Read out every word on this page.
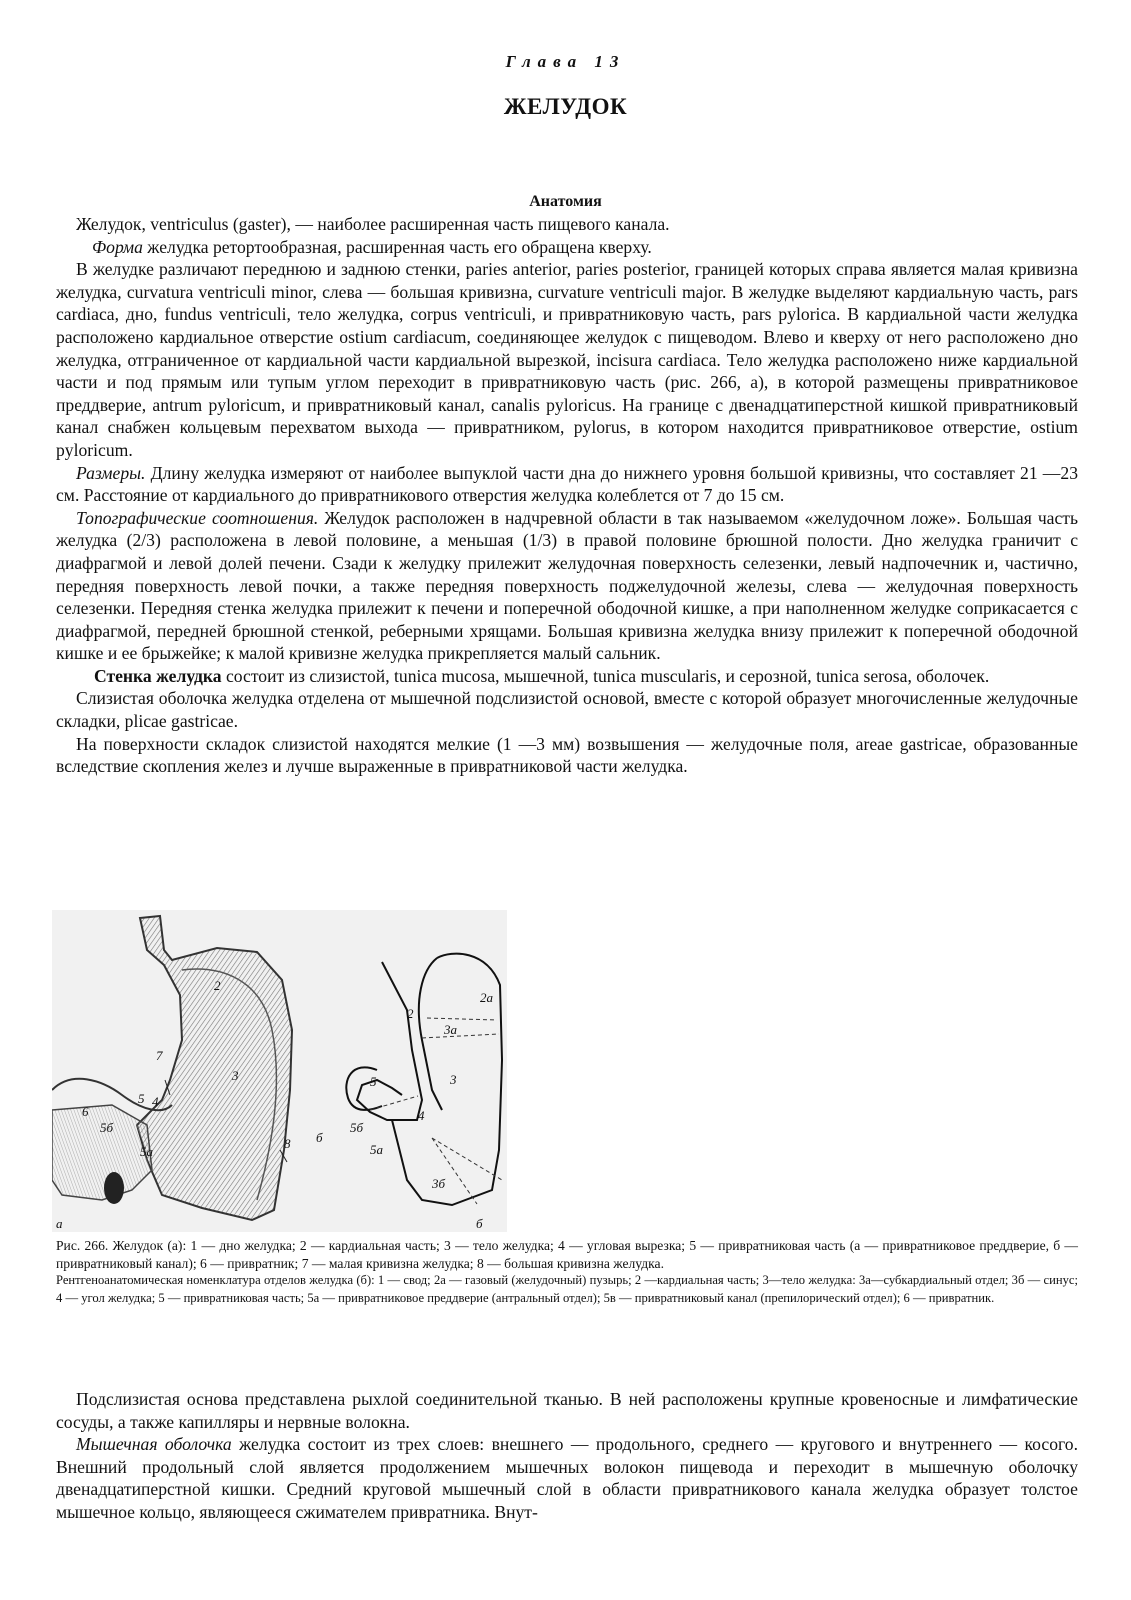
Глава 13
ЖЕЛУДОК
Анатомия

Желудок, ventriculus (gaster), — наиболее расширенная часть пищевого канала.

Форма желудка ретортообразная, расширенная часть его обращена кверху.

В желудке различают переднюю и заднюю стенки, paries anterior, paries posterior, границей которых справа является малая кривизна желудка, curvatura ventriculi minor, слева — большая кривизна, curvature ventriculi major. В желудке выделяют кардиальную часть, pars cardiaca, дно, fundus ventriculi, тело желудка, corpus ventriculi, и привратниковую часть, pars pylorica. В кардиальной части желудка расположено кардиальное отверстие ostium cardiacum, соединяющее желудок с пищеводом. Влево и кверху от него расположено дно желудка, отграниченное от кардиальной части кардиальной вырезкой, incisura cardiaca. Тело желудка расположено ниже кардиальной части и под прямым или тупым углом переходит в привратниковую часть (рис. 266, а), в которой размещены привратниковое преддверие, antrum pyloricum, и привратниковый канал, canalis pyloricus. На границе с двенадцатиперстной кишкой привратниковый канал снабжен кольцевым перехватом выхода — привратником, pylorus, в котором находится привратниковое отверстие, ostium pyloricum.

Размеры. Длину желудка измеряют от наиболее выпуклой части дна до нижнего уровня большой кривизны, что составляет 21 —23 см. Расстояние от кардиального до привратникового отверстия желудка колеблется от 7 до 15 см.

Топографические соотношения. Желудок расположен в надчревной области в так называемом «желудочном ложе». Большая часть желудка (2/3) расположена в левой половине, а меньшая (1/3) в правой половине брюшной полости. Дно желудка граничит с диафрагмой и левой долей печени. Сзади к желудку прилежит желудочная поверхность селезенки, левый надпочечник и, частично, передняя поверхность левой почки, а также передняя поверхность поджелудочной железы, слева — желудочная поверхность селезенки. Передняя стенка желудка прилежит к печени и поперечной ободочной кишке, а при наполненном желудке соприкасается с диафрагмой, передней брюшной стенкой, реберными хрящами. Большая кривизна желудка внизу прилежит к поперечной ободочной кишке и ее брыжейке; к малой кривизне желудка прикрепляется малый сальник.

Стенка желудка состоит из слизистой, tunica mucosa, мышечной, tunica muscularis, и серозной, tunica serosa, оболочек.

Слизистая оболочка желудка отделена от мышечной подслизистой основой, вместе с которой образует многочисленные желудочные складки, plicae gastricae.

На поверхности складок слизистой находятся мелкие (1 —3 мм) возвышения — желудочные поля, areae gastricae, образованные вследствие скопления желез и лучше выраженные в привратниковой части желудка.

2
7
3
5 4
6
5б
5а
8
а
2а
2
3а
5	3
4
5б
б
5а
3б
б

Рис. 266. Желудок (а): 1 — дно желудка; 2 — кардиальная часть; 3 — тело желудка; 4 — угловая вырезка; 5 — привратниковая часть (а — привратниковое преддверие, б — привратниковый канал); 6 — привратник; 7 — малая кривизна желудка; 8 — большая кривизна желудка.

Рентгеноанатомическая номенклатура отделов желудка (б): 1 — свод; 2а — газовый (желудочный) пузырь; 2 —кардиальная часть; 3—тело желудка: 3а—субкардиальный отдел; 3б — синус; 4 — угол желудка; 5 — привратниковая часть; 5а — привратниковое преддверие (антральный отдел); 5в — привратниковый канал (препилорический отдел); 6 — привратник.

Подслизистая основа представлена рыхлой соединительной тканью. В ней расположены крупные кровеносные и лимфатические сосуды, а также капилляры и нервные волокна.

Мышечная оболочка желудка состоит из трех слоев: внешнего — продольного, среднего — кругового и внутреннего — косого. Внешний продольный слой является продолжением мышечных волокон пищевода и переходит в мышечную оболочку двенадцатиперстной кишки. Средний круговой мышечный слой в области привратникового канала желудка образует толстое мышечное кольцо, являющееся сжимателем привратника. Внут-
